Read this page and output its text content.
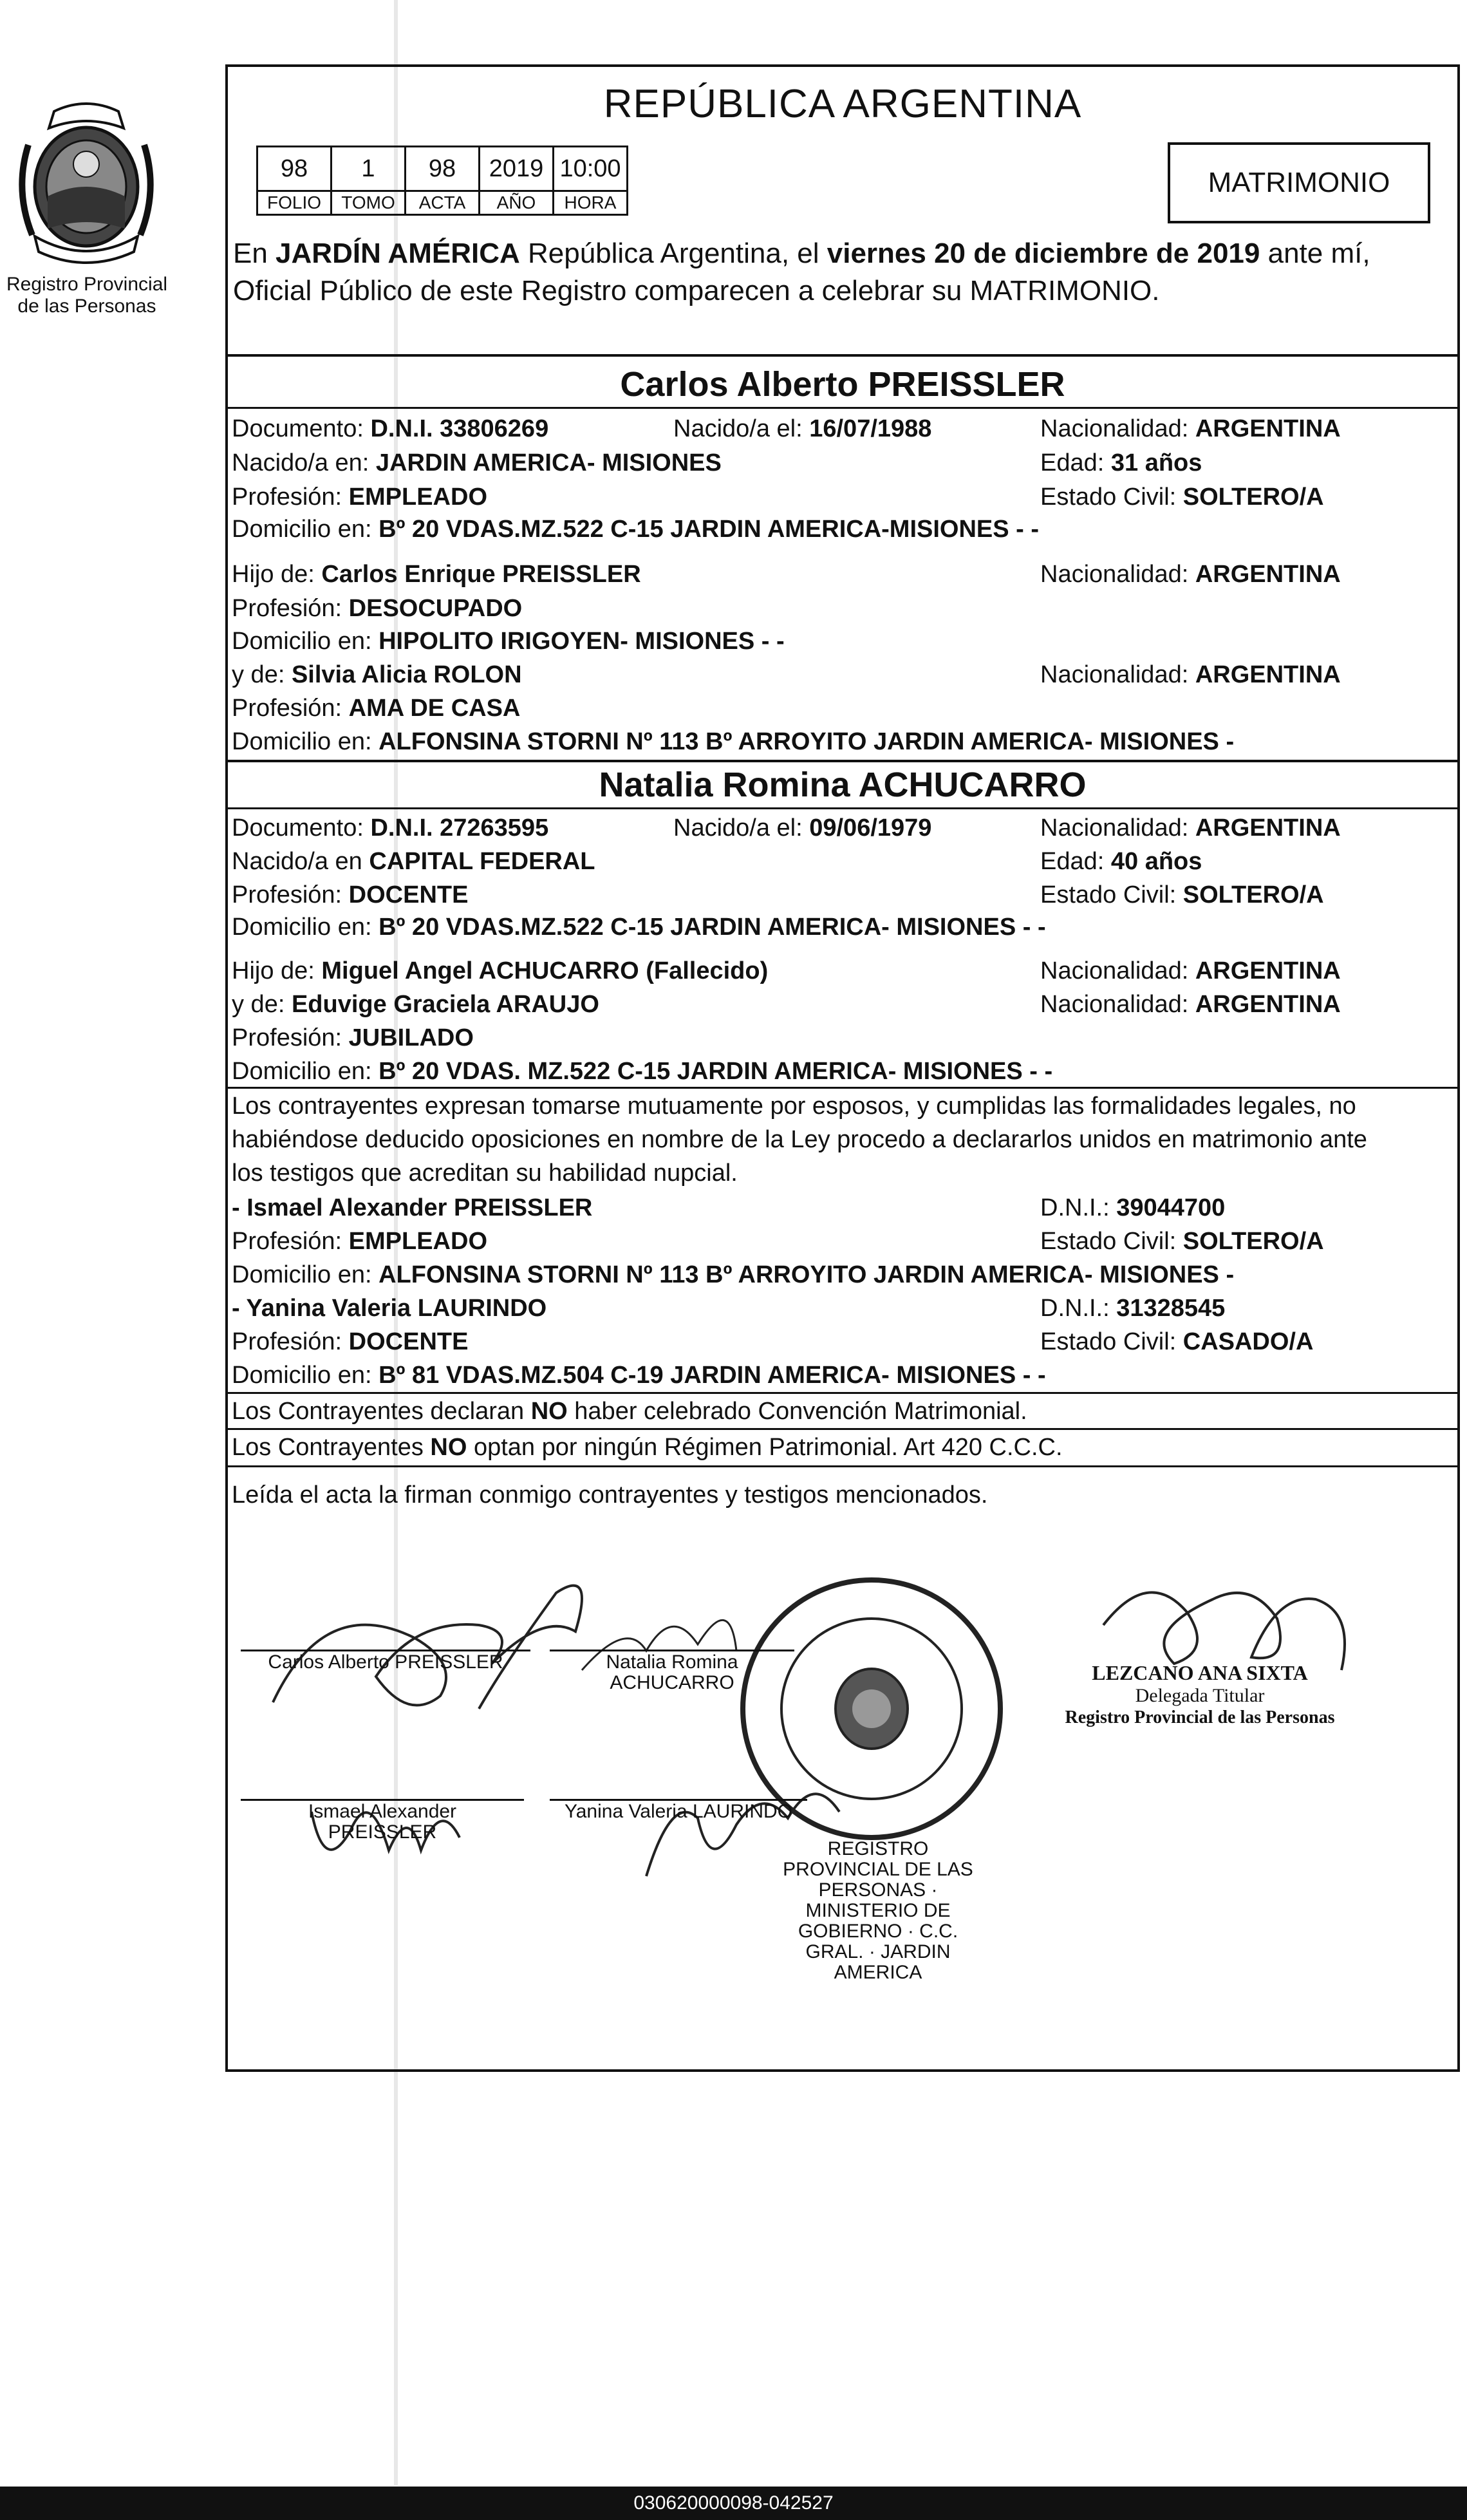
Registro Provincial
de las Personas
REPÚBLICA ARGENTINA
98	1	98	2019	10:00
FOLIO	TOMO	ACTA	AÑO	HORA
MATRIMONIO
En JARDÍN AMÉRICA República Argentina, el viernes 20 de diciembre de 2019 ante mí,
Oficial Público de este Registro comparecen a celebrar su MATRIMONIO.
Carlos Alberto PREISSLER
Documento: D.N.I. 33806269	Nacido/a el: 16/07/1988	Nacionalidad: ARGENTINA
Nacido/a en: JARDIN AMERICA- MISIONES	Edad: 31 años
Profesión: EMPLEADO	Estado Civil: SOLTERO/A
Domicilio en: Bº 20 VDAS.MZ.522 C-15 JARDIN AMERICA-MISIONES - -
Hijo de: Carlos Enrique PREISSLER	Nacionalidad: ARGENTINA
Profesión: DESOCUPADO
Domicilio en: HIPOLITO IRIGOYEN- MISIONES - -
y de: Silvia Alicia ROLON	Nacionalidad: ARGENTINA
Profesión: AMA DE CASA
Domicilio en: ALFONSINA STORNI Nº 113 Bº ARROYITO JARDIN AMERICA- MISIONES -
Natalia Romina ACHUCARRO
Documento: D.N.I. 27263595	Nacido/a el: 09/06/1979	Nacionalidad: ARGENTINA
Nacido/a en CAPITAL FEDERAL	Edad: 40 años
Profesión: DOCENTE	Estado Civil: SOLTERO/A
Domicilio en: Bº 20 VDAS.MZ.522 C-15 JARDIN AMERICA- MISIONES - -
Hijo de: Miguel Angel ACHUCARRO (Fallecido)	Nacionalidad: ARGENTINA
y de: Eduvige Graciela ARAUJO	Nacionalidad: ARGENTINA
Profesión: JUBILADO
Domicilio en: Bº 20 VDAS. MZ.522 C-15 JARDIN AMERICA- MISIONES - -
Los contrayentes expresan tomarse mutuamente por esposos, y cumplidas las formalidades legales, no
habiéndose deducido oposiciones en nombre de la Ley procedo a declararlos unidos en matrimonio ante
los testigos que acreditan su habilidad nupcial.
- Ismael Alexander PREISSLER	D.N.I.: 39044700
Profesión: EMPLEADO	Estado Civil: SOLTERO/A
Domicilio en: ALFONSINA STORNI Nº 113 Bº ARROYITO JARDIN AMERICA- MISIONES -
- Yanina Valeria LAURINDO	D.N.I.: 31328545
Profesión: DOCENTE	Estado Civil: CASADO/A
Domicilio en: Bº 81 VDAS.MZ.504 C-19 JARDIN AMERICA- MISIONES - -
Los Contrayentes declaran NO haber celebrado Convención Matrimonial.
Los Contrayentes NO optan por ningún Régimen Patrimonial. Art 420 C.C.C.
Leída el acta la firman conmigo contrayentes y testigos mencionados.
REGISTRO PROVINCIAL DE LAS PERSONAS · MINISTERIO DE GOBIERNO · C.C. GRAL. · JARDIN AMERICA
Carlos Alberto PREISSLER	Natalia Romina
ACHUCARRO
Ismael Alexander
PREISSLER
Yanina Valeria LAURINDO
LEZCANO ANA SIXTA
Delegada Titular
Registro Provincial de las Personas
030620000098-042527
